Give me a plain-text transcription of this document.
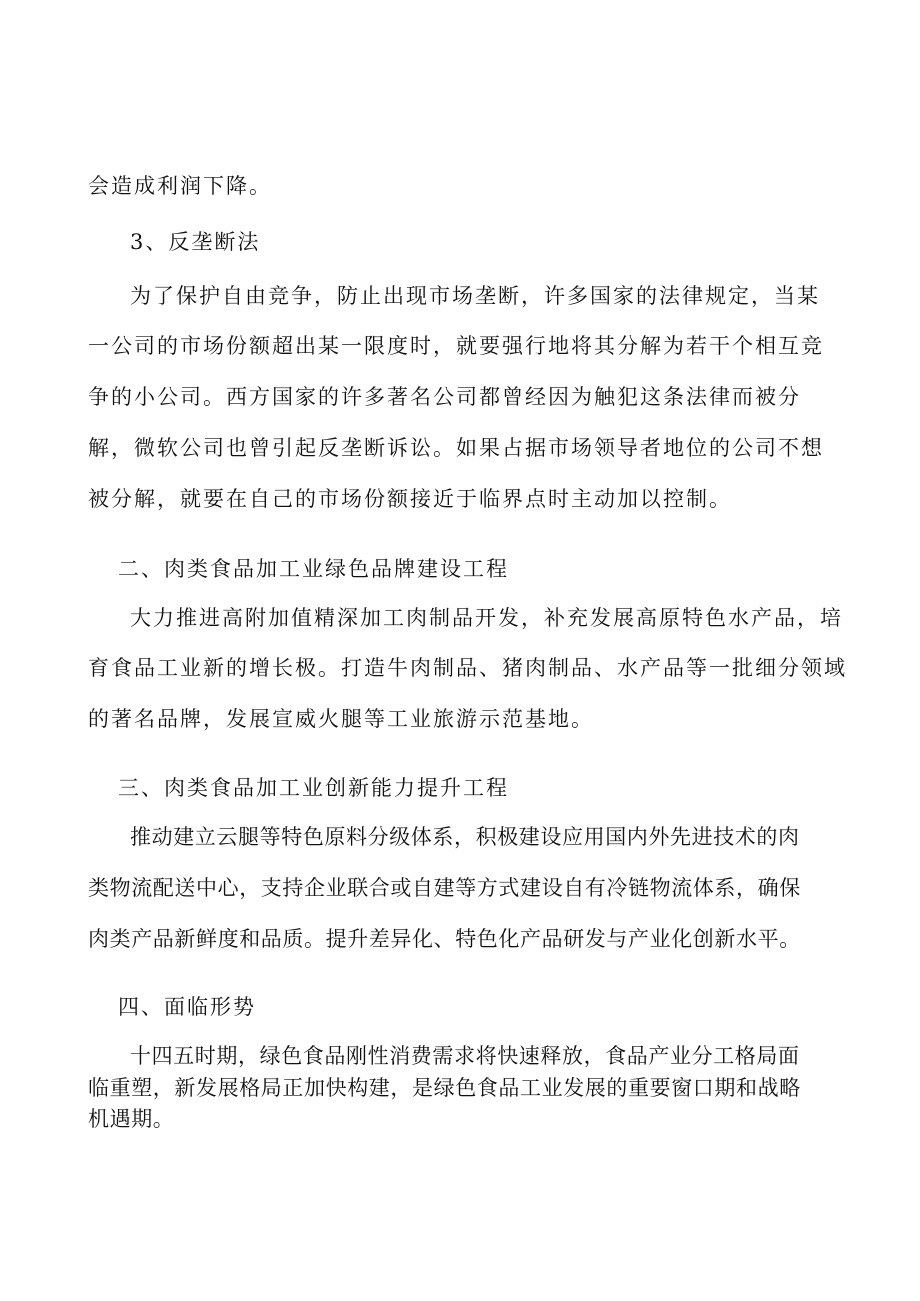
会造成利润下降。
3、反垄断法
为了保护自由竞争，防止出现市场垄断，许多国家的法律规定，当某
一公司的市场份额超出某一限度时，就要强行地将其分解为若干个相互竞
争的小公司。西方国家的许多著名公司都曾经因为触犯这条法律而被分
解，微软公司也曾引起反垄断诉讼。如果占据市场领导者地位的公司不想
被分解，就要在自己的市场份额接近于临界点时主动加以控制。
二、肉类食品加工业绿色品牌建设工程
大力推进高附加值精深加工肉制品开发，补充发展高原特色水产品，培
育食品工业新的增长极。打造牛肉制品、猪肉制品、水产品等一批细分领域
的著名品牌，发展宣威火腿等工业旅游示范基地。
三、肉类食品加工业创新能力提升工程
推动建立云腿等特色原料分级体系，积极建设应用国内外先进技术的肉
类物流配送中心，支持企业联合或自建等方式建设自有冷链物流体系，确保
肉类产品新鲜度和品质。提升差异化、特色化产品研发与产业化创新水平。
四、面临形势
十四五时期，绿色食品刚性消费需求将快速释放，食品产业分工格局面
临重塑，新发展格局正加快构建，是绿色食品工业发展的重要窗口期和战略
机遇期。
